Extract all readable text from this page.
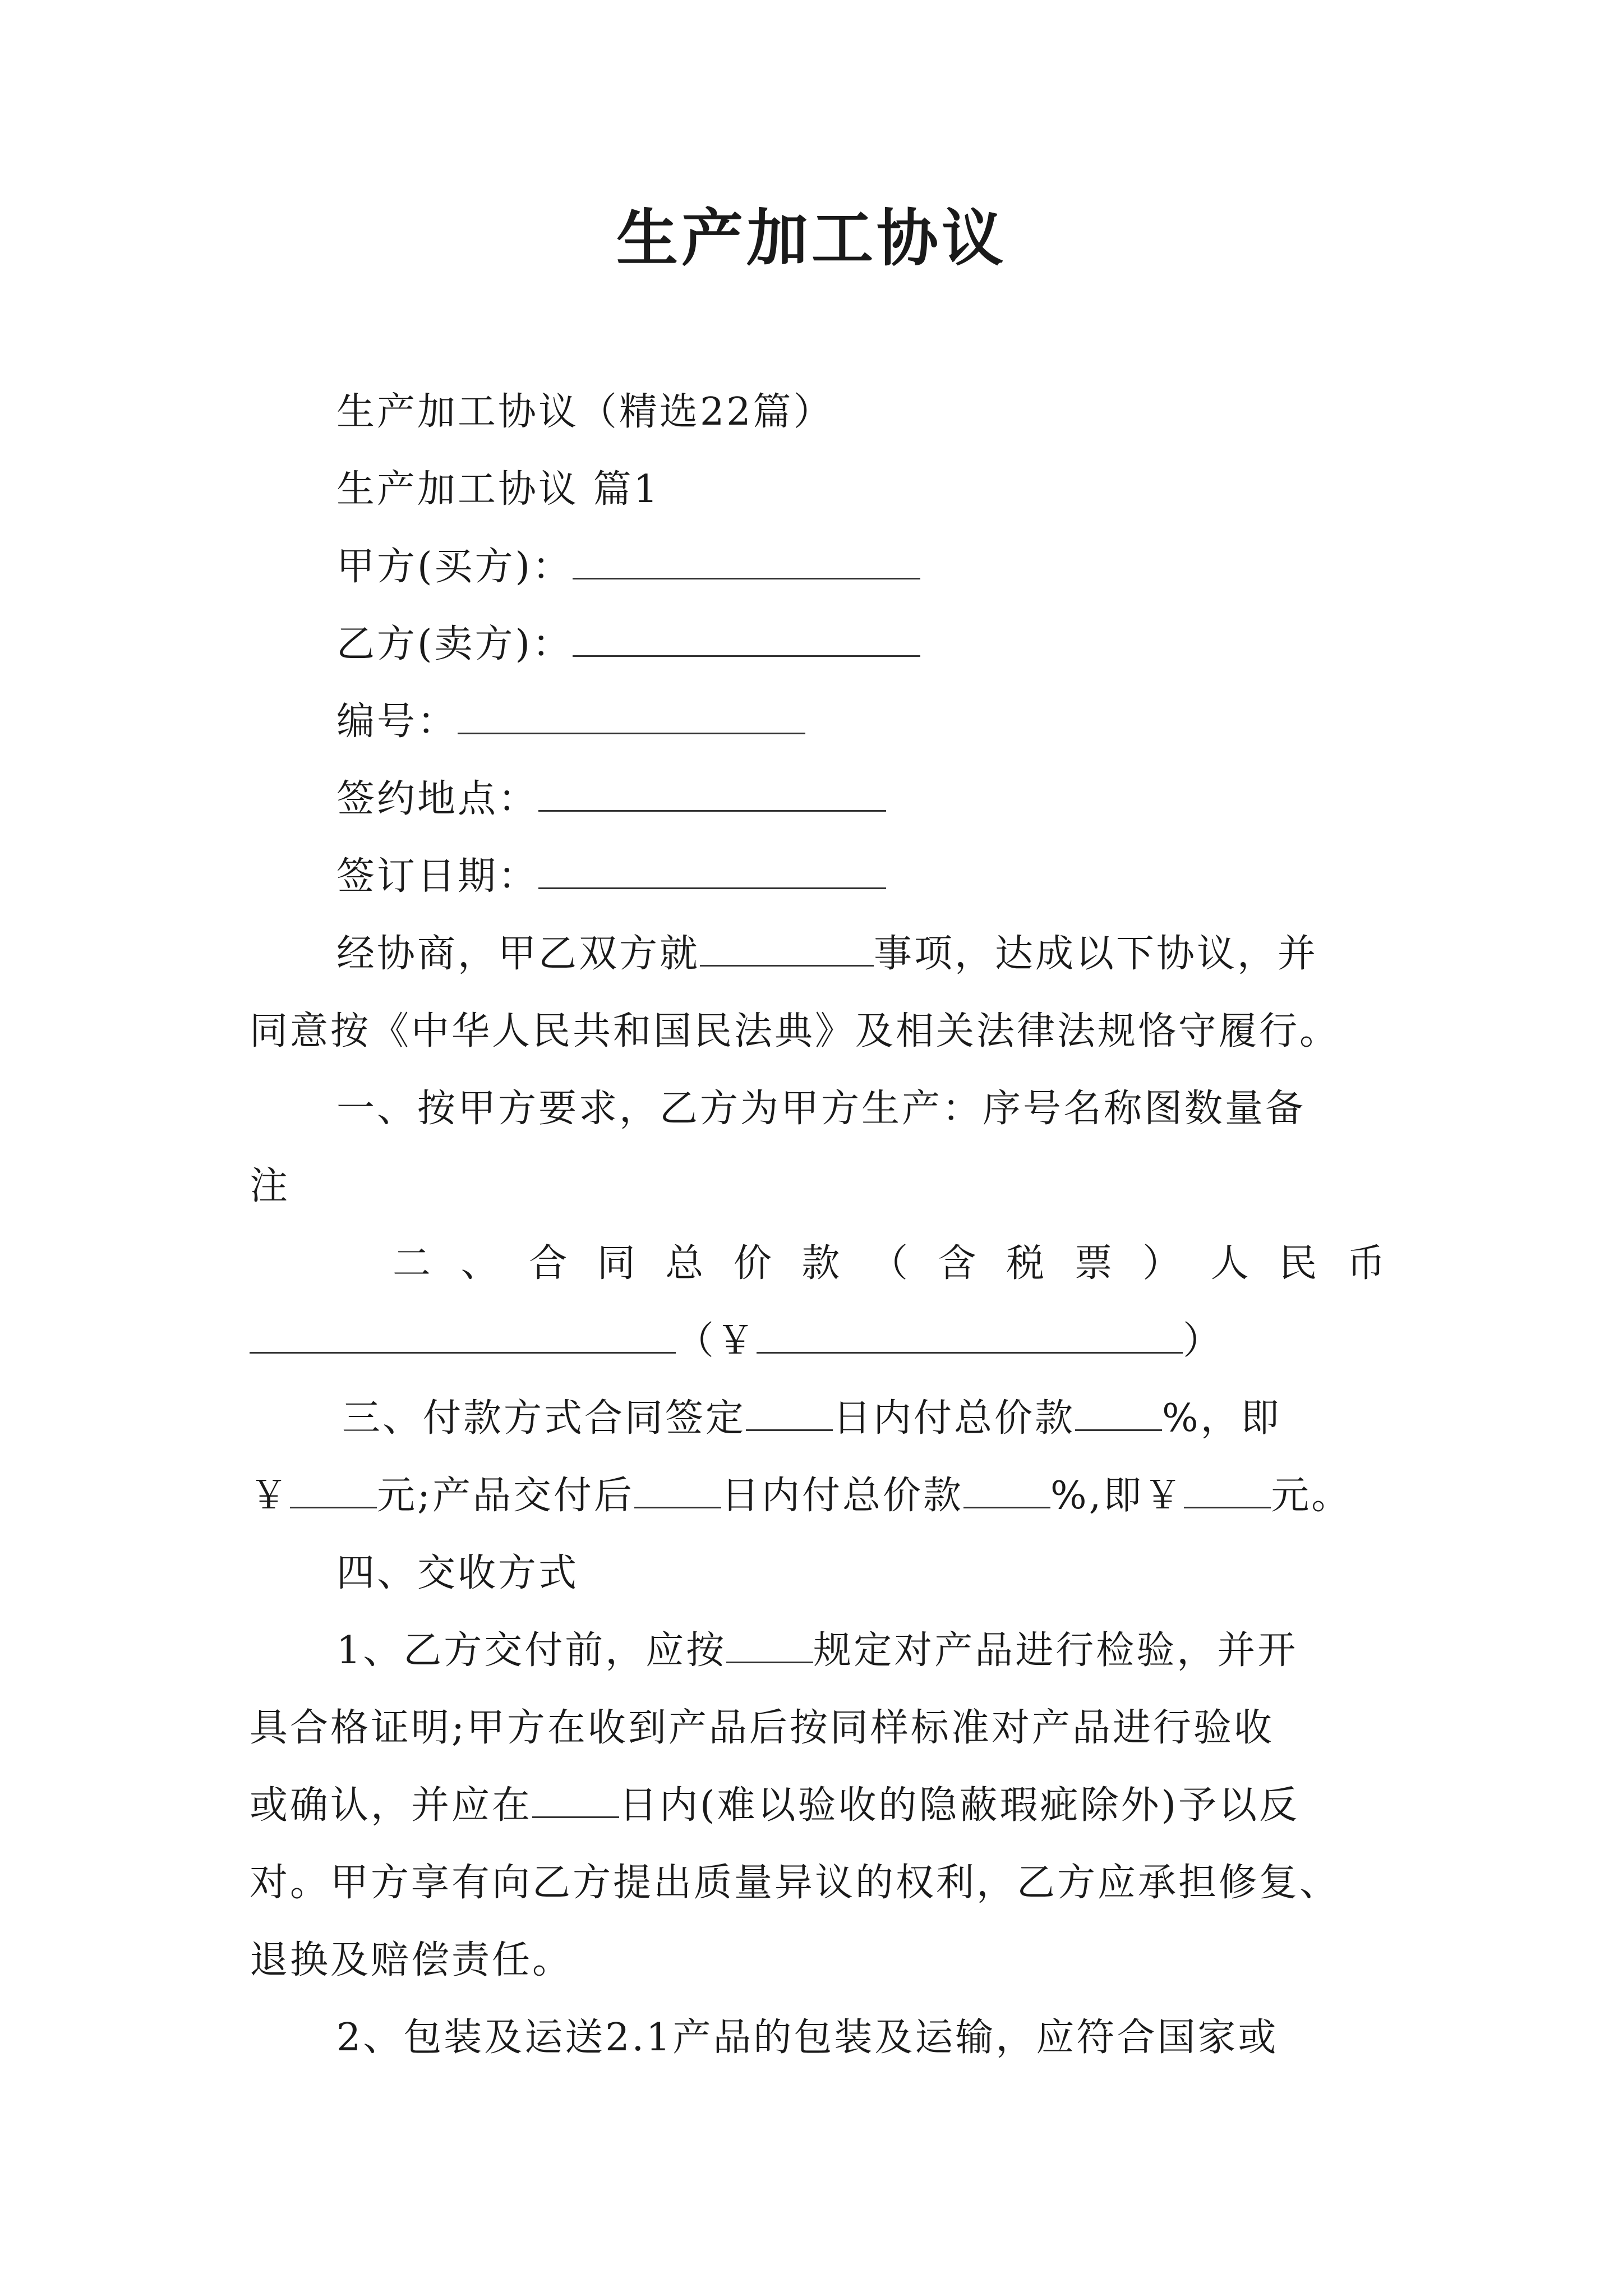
生产加工协议
生产加工协议（精选22篇）
生产加工协议 篇1
甲方(买方)：
乙方(卖方)：
编号：
签约地点：
签订日期：
经协商，甲乙双方就	事项，达成以下协议，并
同意按《中华人民共和国民法典》及相关法律法规恪守履行。
一、按甲方要求，乙方为甲方生产：序号名称图数量备
注
二 、 合 同 总 价 款 （ 含 税 票 ） 人 民 币
（￥	）
三、付款方式合同签定 日内付总价款 %，即
￥ 元;产品交付后 日内付总价款 %,即￥ 元。
四、交收方式
1、乙方交付前，应按 规定对产品进行检验，并开
具合格证明;甲方在收到产品后按同样标准对产品进行验收
或确认，并应在 日内(难以验收的隐蔽瑕疵除外)予以反
对。甲方享有向乙方提出质量异议的权利，乙方应承担修复、
退换及赔偿责任。
2、包装及运送2.1产品的包装及运输，应符合国家或
